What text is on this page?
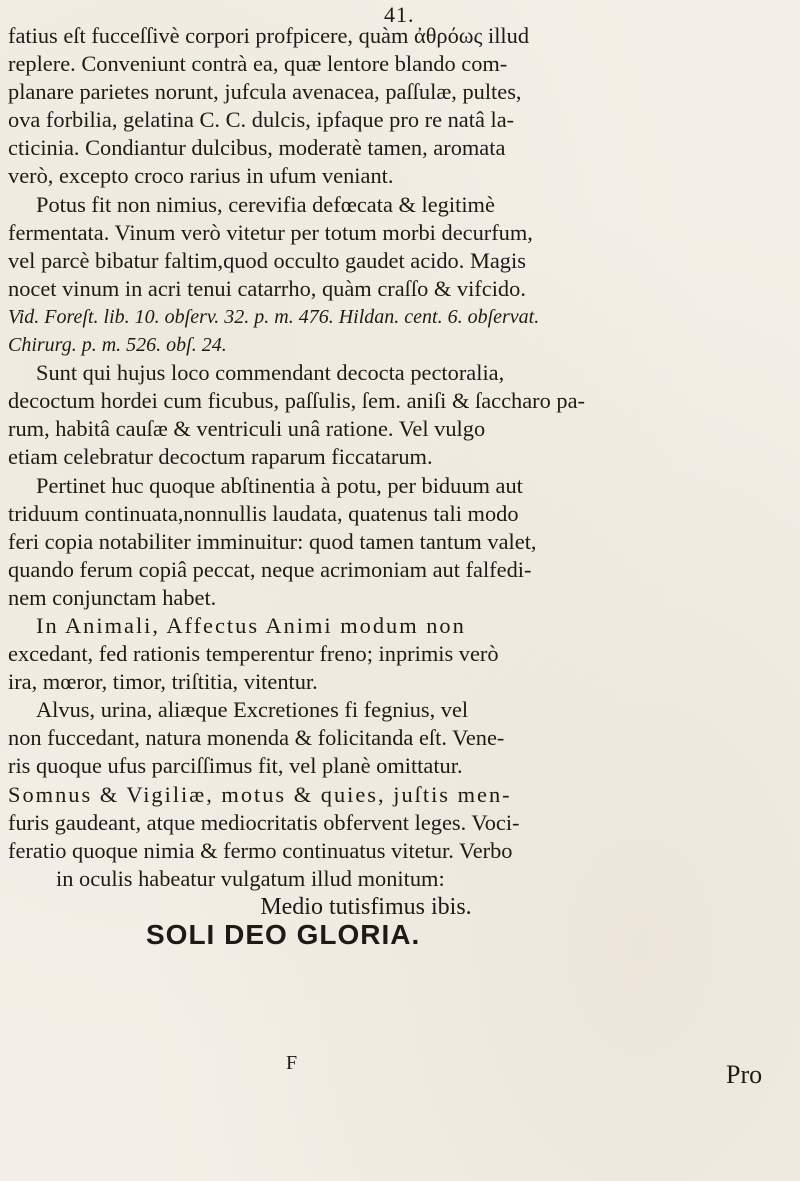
41.
fatius eſt fucceſſivè corpori profpicere, quàm ἀθρόως illud
replere. Conveniunt contrà ea, quæ lentore blando com-
planare parietes norunt, jufcula avenacea, paſſulæ, pultes,
ova forbilia, gelatina C. C. dulcis, ipfaque pro re natâ la-
cticinia. Condiantur dulcibus, moderatè tamen, aromata
verò, excepto croco rarius in ufum veniant.
Potus fit non nimius, cerevifia defœcata & legitimè
fermentata. Vinum verò vitetur per totum morbi decurfum,
vel parcè bibatur faltim,quod occulto gaudet acido. Magis
nocet vinum in acri tenui catarrho, quàm craſſo & vifcido.
Vid. Foreſt. lib. 10. obſerv. 32. p. m. 476. Hildan. cent. 6. obſervat.
Chirurg. p. m. 526. obſ. 24.
Sunt qui hujus loco commendant decocta pectoralia,
decoctum hordei cum ficubus, paſſulis, ſem. aniſi & ſaccharo pa-
rum, habitâ cauſæ & ventriculi unâ ratione. Vel vulgo
etiam celebratur decoctum raparum ficcatarum.
Pertinet huc quoque abſtinentia à potu, per biduum aut
triduum continuata,nonnullis laudata, quatenus tali modo
feri copia notabiliter imminuitur: quod tamen tantum valet,
quando ferum copiâ peccat, neque acrimoniam aut falfedi-
nem conjunctam habet.
In Animali, Affectus Animi modum non
excedant, fed rationis temperentur freno; inprimis verò
ira, mœror, timor, triſtitia, vitentur.
Alvus, urina, aliæque Excretiones fi fegnius, vel
non fuccedant, natura monenda & folicitanda eſt. Vene-
ris quoque ufus parciſſimus fit, vel planè omittatur.
Somnus & Vigiliæ, motus & quies, juſtis men-
furis gaudeant, atque mediocritatis obfervent leges. Voci-
feratio quoque nimia & fermo continuatus vitetur. Verbo
in oculis habeatur vulgatum illud monitum:
Medio tutisfimus ibis.
SOLI DEO GLORIA.
F	Pro
